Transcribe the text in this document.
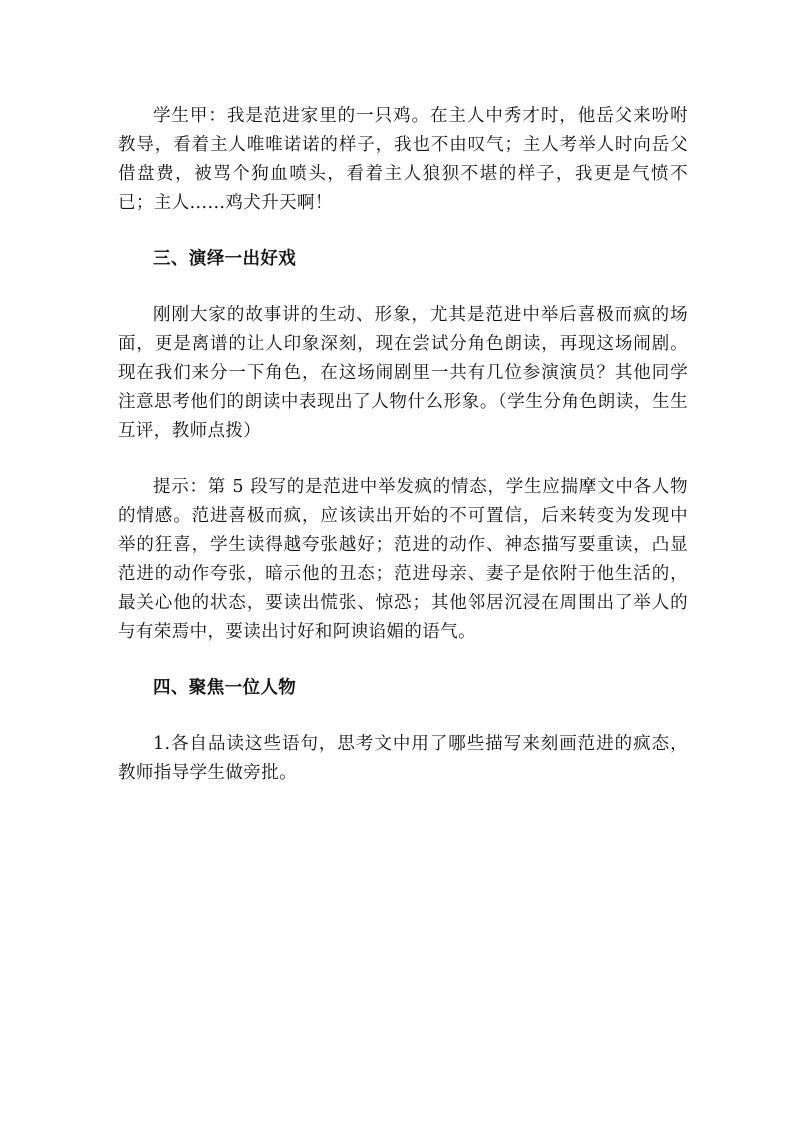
学生甲：我是范进家里的一只鸡。在主人中秀才时，他岳父来吩咐教导，看着主人唯唯诺诺的样子，我也不由叹气；主人考举人时向岳父借盘费，被骂个狗血喷头，看着主人狼狈不堪的样子，我更是气愤不已；主人......鸡犬升天啊！

三、演绎一出好戏

刚刚大家的故事讲的生动、形象，尤其是范进中举后喜极而疯的场面，更是离谱的让人印象深刻，现在尝试分角色朗读，再现这场闹剧。现在我们来分一下角色，在这场闹剧里一共有几位参演演员？其他同学注意思考他们的朗读中表现出了人物什么形象。（学生分角色朗读，生生互评，教师点拨）

提示：第 5 段写的是范进中举发疯的情态，学生应揣摩文中各人物的情感。范进喜极而疯，应该读出开始的不可置信，后来转变为发现中举的狂喜，学生读得越夸张越好；范进的动作、神态描写要重读，凸显范进的动作夸张，暗示他的丑态；范进母亲、妻子是依附于他生活的，最关心他的状态，要读出慌张、惊恐；其他邻居沉浸在周围出了举人的与有荣焉中，要读出讨好和阿谀谄媚的语气。

四、聚焦一位人物

1.各自品读这些语句，思考文中用了哪些描写来刻画范进的疯态，教师指导学生做旁批。
